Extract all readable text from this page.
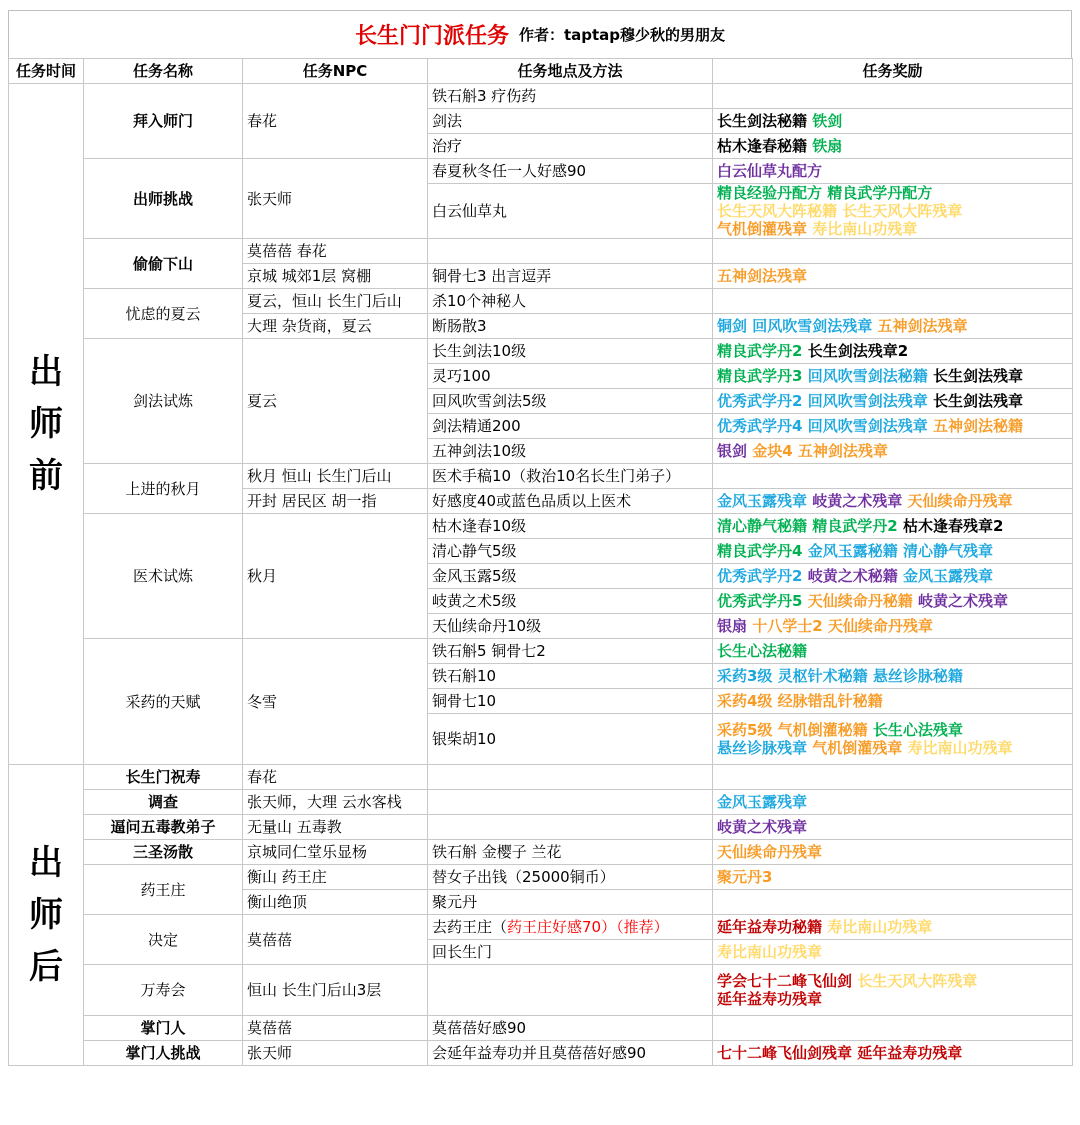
长生门门派任务 作者：taptap穆少秋的男朋友
任务时间	任务名称	任务NPC	任务地点及方法	任务奖励
出
师
前	拜入师门	春花	铁石斛3 疗伤药	
			剑法	长生剑法秘籍 铁剑

			治疗	枯木逢春秘籍 铁扇

	出师挑战	张天师	春夏秋冬任一人好感90	白云仙草丸配方

			白云仙草丸	精良经验丹配方 精良武学丹配方
长生天风大阵秘籍 长生天风大阵残章
气机倒灌残章 寿比南山功残章

	偷偷下山	莫蓓蓓 春花		
		京城 城郊1层 窝棚	铜骨七3 出言逗弄	五神剑法残章

	忧虑的夏云	夏云，恒山 长生门后山	杀10个神秘人	
		大理 杂货商，夏云	断肠散3	铜剑 回风吹雪剑法残章 五神剑法残章

	剑法试炼	夏云	长生剑法10级	精良武学丹2 长生剑法残章2

			灵巧100	精良武学丹3 回风吹雪剑法秘籍 长生剑法残章

			回风吹雪剑法5级	优秀武学丹2 回风吹雪剑法残章 长生剑法残章

			剑法精通200	优秀武学丹4 回风吹雪剑法残章 五神剑法秘籍

			五神剑法10级	银剑 金块4 五神剑法残章

	上进的秋月	秋月 恒山 长生门后山	医术手稿10（救治10名长生门弟子）	
		开封 居民区 胡一指	好感度40或蓝色品质以上医术	金风玉露残章 岐黄之术残章 天仙续命丹残章

	医术试炼	秋月	枯木逢春10级	清心静气秘籍 精良武学丹2 枯木逢春残章2

			清心静气5级	精良武学丹4 金风玉露秘籍 清心静气残章

			金风玉露5级	优秀武学丹2 岐黄之术秘籍 金风玉露残章

			岐黄之术5级	优秀武学丹5 天仙续命丹秘籍 岐黄之术残章

			天仙续命丹10级	银扇 十八学士2 天仙续命丹残章

	采药的天赋	冬雪	铁石斛5 铜骨七2	长生心法秘籍

			铁石斛10	采药3级 灵枢针术秘籍 悬丝诊脉秘籍

			铜骨七10	采药4级 经脉错乱针秘籍

			银柴胡10	采药5级 气机倒灌秘籍 长生心法残章
悬丝诊脉残章 气机倒灌残章 寿比南山功残章

出
师
后	长生门祝寿	春花		
	调查	张天师，大理 云水客栈		金风玉露残章

	逼问五毒教弟子	无量山 五毒教		岐黄之术残章

	三圣汤散	京城同仁堂乐显杨	铁石斛 金樱子 兰花	天仙续命丹残章

	药王庄	衡山 药王庄	替女子出钱（25000铜币）	聚元丹3

		衡山绝顶	聚元丹	
	决定	莫蓓蓓	去药王庄（药王庄好感70）（推荐）	延年益寿功秘籍 寿比南山功残章

			回长生门	寿比南山功残章

	万寿会	恒山 长生门后山3层		学会七十二峰飞仙剑 长生天风大阵残章
延年益寿功残章

	掌门人	莫蓓蓓	莫蓓蓓好感90	
	掌门人挑战	张天师	会延年益寿功并且莫蓓蓓好感90	七十二峰飞仙剑残章 延年益寿功残章
